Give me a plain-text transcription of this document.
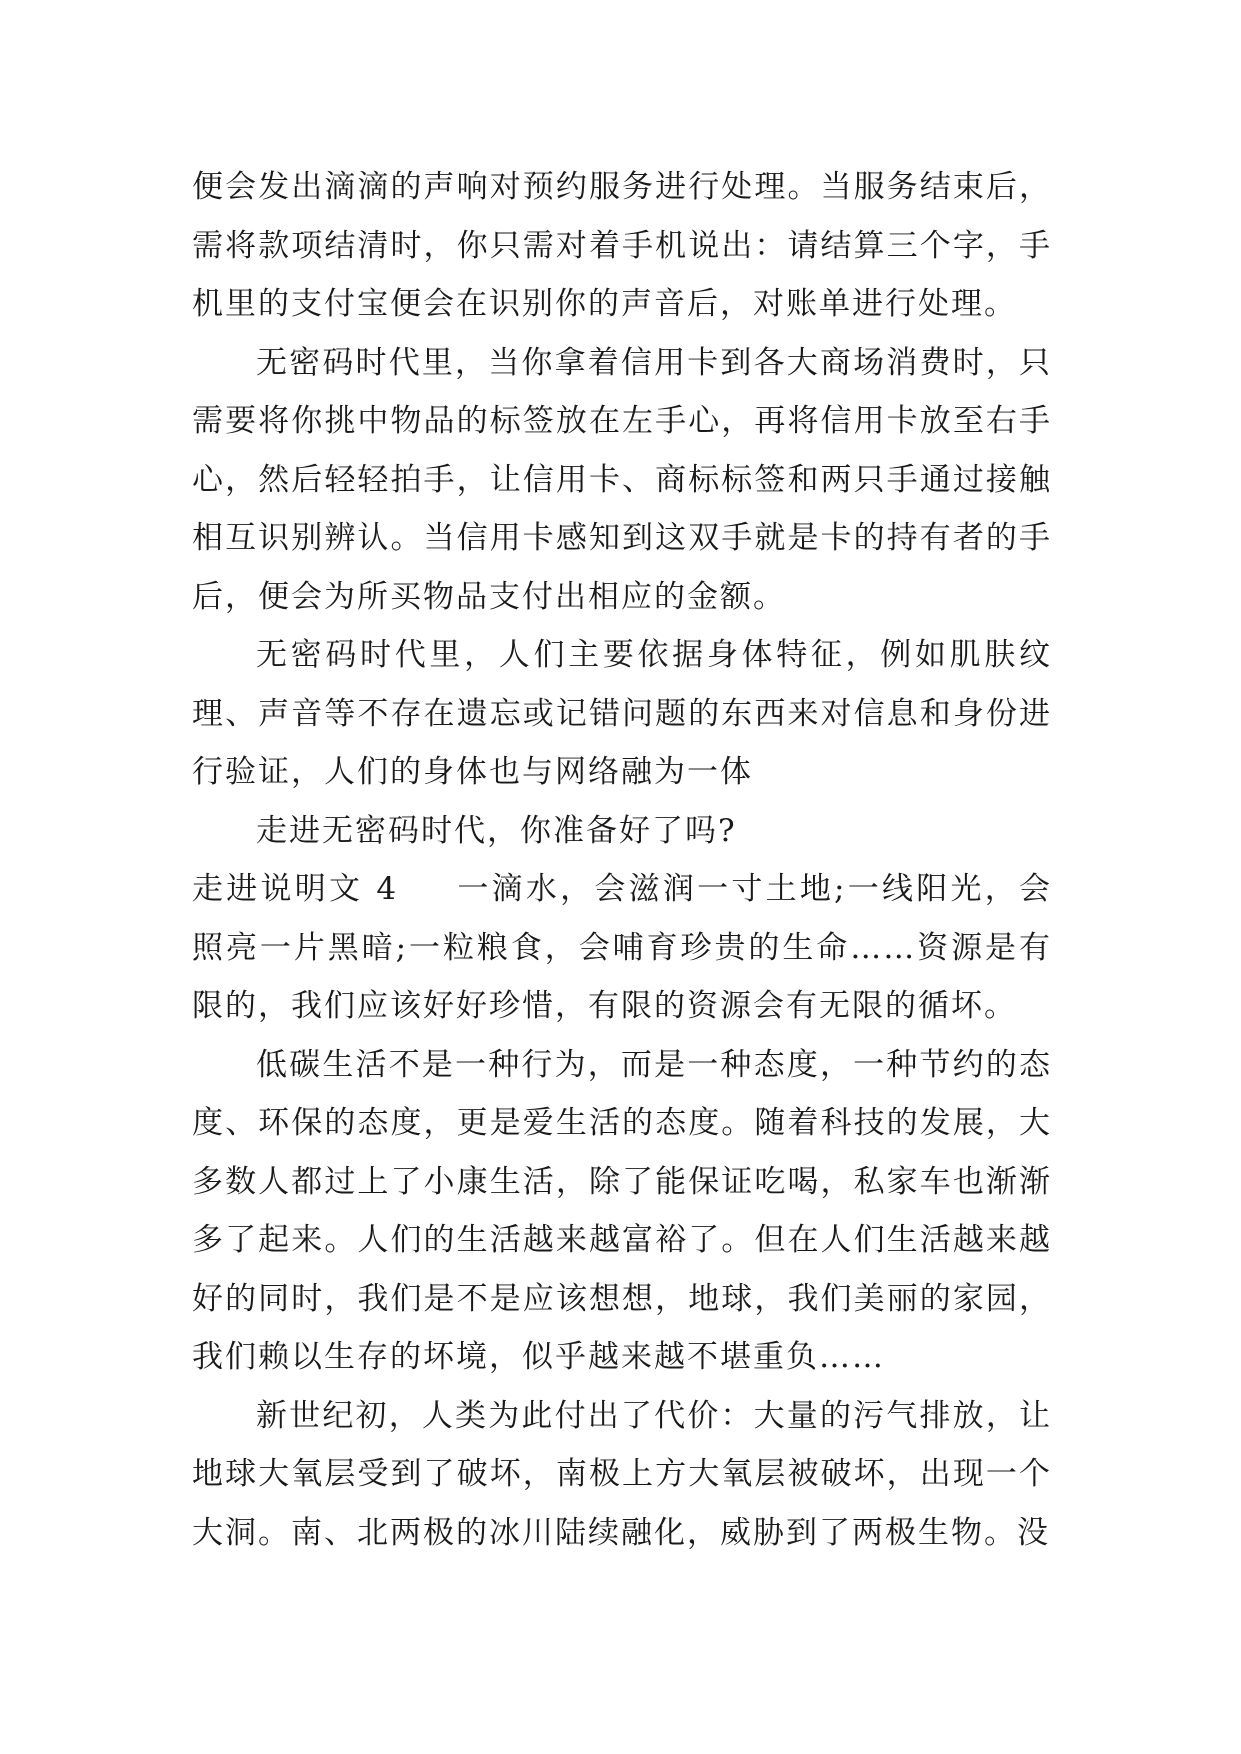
便会发出滴滴的声响对预约服务进行处理。当服务结束后，需将款项结清时，你只需对着手机说出：请结算三个字，手机里的支付宝便会在识别你的声音后，对账单进行处理。

无密码时代里，当你拿着信用卡到各大商场消费时，只需要将你挑中物品的标签放在左手心，再将信用卡放至右手心，然后轻轻拍手，让信用卡、商标标签和两只手通过接触相互识别辨认。当信用卡感知到这双手就是卡的持有者的手后，便会为所买物品支付出相应的金额。

无密码时代里，人们主要依据身体特征，例如肌肤纹理、声音等不存在遗忘或记错问题的东西来对信息和身份进行验证，人们的身体也与网络融为一体

走进无密码时代，你准备好了吗?

走进说明文 4 一滴水，会滋润一寸土地;一线阳光，会照亮一片黑暗;一粒粮食，会哺育珍贵的生命……资源是有限的，我们应该好好珍惜，有限的资源会有无限的循坏。

低碳生活不是一种行为，而是一种态度，一种节约的态度、环保的态度，更是爱生活的态度。随着科技的发展，大多数人都过上了小康生活，除了能保证吃喝，私家车也渐渐多了起来。人们的生活越来越富裕了。但在人们生活越来越好的同时，我们是不是应该想想，地球，我们美丽的家园，我们赖以生存的坏境，似乎越来越不堪重负……

新世纪初，人类为此付出了代价：大量的污气排放，让地球大氧层受到了破坏，南极上方大氧层被破坏，出现一个大洞。南、北两极的冰川陆续融化，威胁到了两极生物。没
